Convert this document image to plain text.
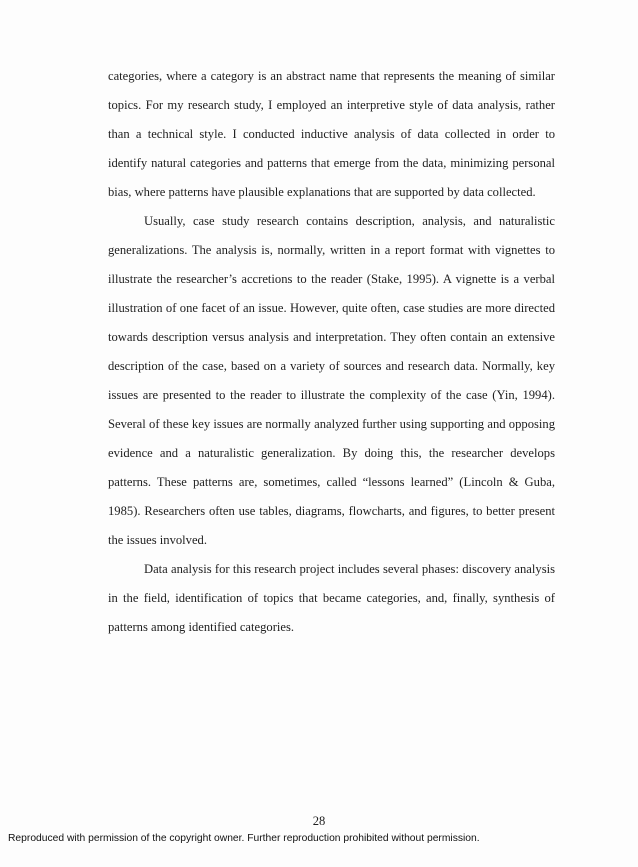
categories, where a category is an abstract name that represents the meaning of similar topics. For my research study, I employed an interpretive style of data analysis, rather than a technical style. I conducted inductive analysis of data collected in order to identify natural categories and patterns that emerge from the data, minimizing personal bias, where patterns have plausible explanations that are supported by data collected.

Usually, case study research contains description, analysis, and naturalistic generalizations. The analysis is, normally, written in a report format with vignettes to illustrate the researcher’s accretions to the reader (Stake, 1995). A vignette is a verbal illustration of one facet of an issue. However, quite often, case studies are more directed towards description versus analysis and interpretation. They often contain an extensive description of the case, based on a variety of sources and research data. Normally, key issues are presented to the reader to illustrate the complexity of the case (Yin, 1994). Several of these key issues are normally analyzed further using supporting and opposing evidence and a naturalistic generalization. By doing this, the researcher develops patterns. These patterns are, sometimes, called “lessons learned” (Lincoln & Guba, 1985). Researchers often use tables, diagrams, flowcharts, and figures, to better present the issues involved.

Data analysis for this research project includes several phases: discovery analysis in the field, identification of topics that became categories, and, finally, synthesis of patterns among identified categories.

28
Reproduced with permission of the copyright owner. Further reproduction prohibited without permission.
